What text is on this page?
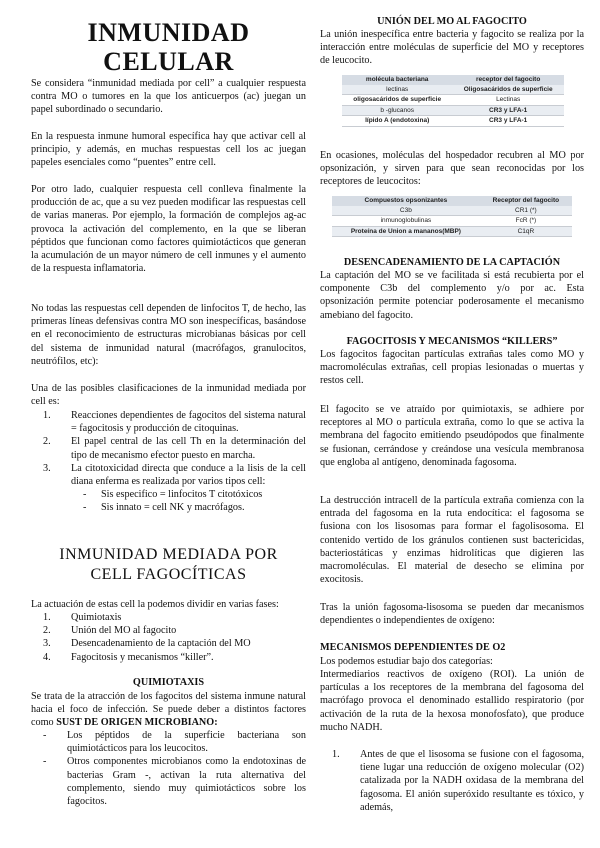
INMUNIDAD
CELULAR

Se considera “inmunidad mediada por cell” a cualquier respuesta contra MO o tumores en la que los anticuerpos (ac) juegan un papel subordinado o secundario.

En la respuesta inmune humoral específica hay que activar cell al principio, y además, en muchas respuestas cell los ac juegan papeles esenciales como “puentes” entre cell.

Por otro lado, cualquier respuesta cell conlleva finalmente la producción de ac, que a su vez pueden modificar las respuestas cell de varias maneras. Por ejemplo, la formación de complejos ag-ac provoca la activación del complemento, en la que se liberan péptidos que funcionan como factores quimiotácticos que generan la acumulación de un mayor número de cell inmunes y el aumento de la respuesta inflamatoria.

No todas las respuestas cell dependen de linfocitos T, de hecho, las primeras líneas defensivas contra MO son inespecíficas, basándose en el reconocimiento de estructuras microbianas básicas por cell del sistema de inmunidad natural (macrófagos, granulocitos, neutrófilos, etc):

Una de las posibles clasificaciones de la inmunidad mediada por cell es:

1. Reacciones dependientes de fagocitos del sistema natural = fagocitosis y producción de citoquinas.
2. El papel central de las cell Th en la determinación del tipo de mecanismo efector puesto en marcha.
3. La citotoxicidad directa que conduce a la lisis de la cell diana enferma es realizada por varios tipos cell:
- Sis especifico = linfocitos T citotóxicos
- Sis innato = cell NK y macrófagos.
INMUNIDAD MEDIADA POR
CELL FAGOCÍTICAS

La actuación de estas cell la podemos dividir en varias fases:

1. Quimiotaxis
2. Unión del MO al fagocito
3. Desencadenamiento de la captación del MO
4. Fagocitosis y mecanismos “killer”.
QUIMIOTAXIS

Se trata de la atracción de los fagocitos del sistema inmune natural hacia el foco de infección. Se puede deber a distintos factores como SUST DE ORIGEN MICROBIANO:

- Los péptidos de la superficie bacteriana son quimiotácticos para los leucocitos.
- Otros componentes microbianos como la endotoxinas de bacterias Gram -, activan la ruta alternativa del complemento, siendo muy quimiotácticos sobre los fagocitos.
UNIÓN DEL MO AL FAGOCITO

La unión inespecífica entre bacteria y fagocito se realiza por la interacción entre moléculas de superficie del MO y receptores de leucocito.

molécula bacteriana	receptor del fagocito
lectinas	Oligosacáridos de superficie
oligosacáridos de superficie	Lectinas
b -glucanos	CR3 y LFA-1
lípido A (endotoxina)	CR3 y LFA-1

En ocasiones, moléculas del hospedador recubren al MO por opsonización, y sirven para que sean reconocidas por los receptores de leucocitos:

Compuestos opsonizantes	Receptor del fagocito
C3b	CR1 (*)
inmunoglobulinas	FcR (*)
Proteína de Union a mananos(MBP)	C1qR
DESENCADENAMIENTO DE LA CAPTACIÓN

La captación del MO se ve facilitada si está recubierta por el componente C3b del complemento y/o por ac. Esta opsonización permite potenciar poderosamente el mecanismo amebiano del fagocito.

FAGOCITOSIS Y MECANISMOS “KILLERS”

Los fagocitos fagocitan partículas extrañas tales como MO y macromoléculas extrañas, cell propias lesionadas o muertas y restos cell.

El fagocito se ve atraído por quimiotaxis, se adhiere por receptores al MO o partícula extraña, como lo que se activa la membrana del fagocito emitiendo pseudópodos que finalmente se fusionan, cerrándose y creándose una vesícula membranosa que engloba al antígeno, denominada fagosoma.

La destrucción intracell de la partícula extraña comienza con la entrada del fagosoma en la ruta endocítica: el fagosoma se fusiona con los lisosomas para formar el fagolisosoma. El contenido vertido de los gránulos contienen sust bactericidas, bacteriostáticas y enzimas hidrolíticas que digieren las macromoléculas. El material de desecho se elimina por exocitosis.

Tras la unión fagosoma-lisosoma se pueden dar mecanismos dependientes o independientes de oxígeno:

MECANISMOS DEPENDIENTES DE O2

Los podemos estudiar bajo dos categorías:

Intermediarios reactivos de oxígeno (ROI). La unión de partículas a los receptores de la membrana del fagosoma del macrófago provoca el denominado estallido respiratorio (por activación de la ruta de la hexosa monofosfato), que produce mucho NADH.

1. Antes de que el lisosoma se fusione con el fagosoma, tiene lugar una reducción de oxígeno molecular (O2) catalizada por la NADH oxidasa de la membrana del fagosoma. El anión superóxido resultante es tóxico, y además,
